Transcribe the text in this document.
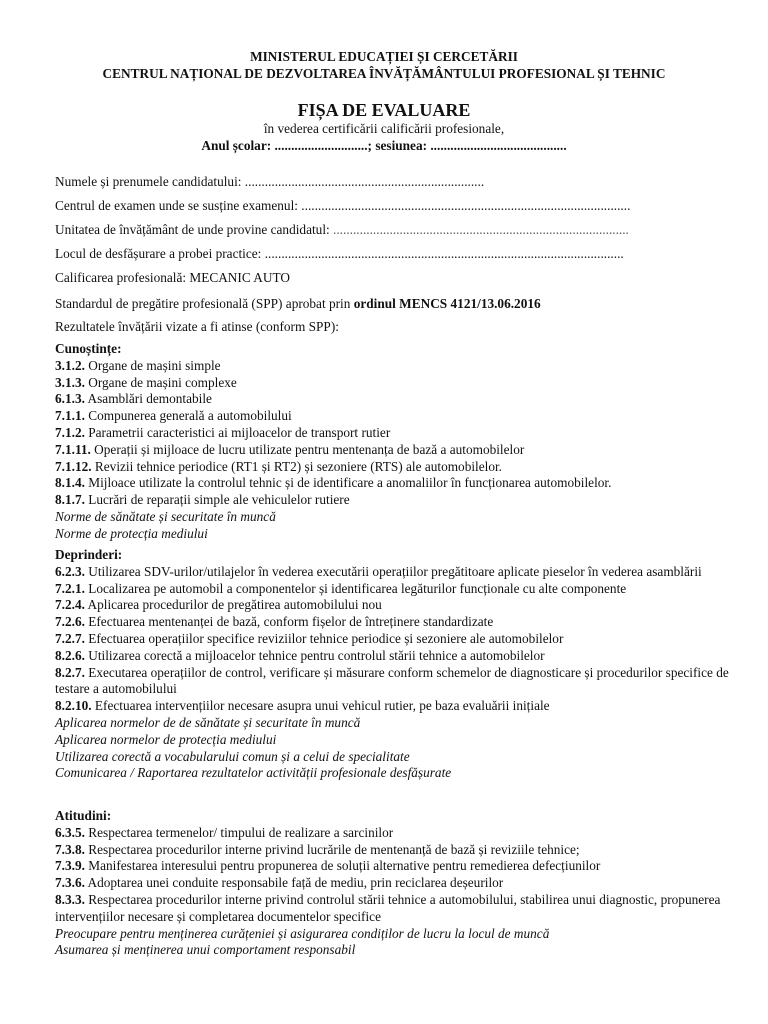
MINISTERUL EDUCAȚIEI ȘI CERCETĂRII
CENTRUL NAȚIONAL DE DEZVOLTAREA ÎNVĂȚĂMÂNTULUI PROFESIONAL ȘI TEHNIC
FIȘA DE EVALUARE
în vederea certificării calificării profesionale,
Anul școlar: ............................; sesiunea: .........................................
Numele și prenumele candidatului: ........................................................................
Centrul de examen unde se susține examenul: ...................................................................................................
Unitatea de învățământ de unde provine candidatul: .........................................................................................
Locul de desfășurare a probei practice: ............................................................................................................
Calificarea profesională: MECANIC AUTO
Standardul de pregătire profesională (SPP) aprobat prin ordinul MENCS 4121/13.06.2016
Rezultatele învățării vizate a fi atinse (conform SPP):
Cunoștințe:
3.1.2. Organe de mașini simple
3.1.3. Organe de mașini complexe
6.1.3. Asamblări demontabile
7.1.1. Compunerea generală a automobilului
7.1.2. Parametrii caracteristici ai mijloacelor de transport rutier
7.1.11. Operații și mijloace de lucru utilizate pentru mentenanța de bază a automobilelor
7.1.12. Revizii tehnice periodice (RT1 și RT2) și sezoniere (RTS) ale automobilelor.
8.1.4. Mijloace utilizate la controlul tehnic și de identificare a anomaliilor în funcționarea automobilelor.
8.1.7. Lucrări de reparații simple ale vehiculelor rutiere
Norme de sănătate și securitate în muncă
Norme de protecția mediului
Deprinderi:
6.2.3. Utilizarea SDV-urilor/utilajelor în vederea executării operațiilor pregătitoare aplicate pieselor în vederea asamblării
7.2.1. Localizarea pe automobil a componentelor și identificarea legăturilor funcționale cu alte componente
7.2.4. Aplicarea procedurilor de pregătirea automobilului nou
7.2.6. Efectuarea mentenanței de bază, conform fișelor de întreținere standardizate
7.2.7. Efectuarea operațiilor specifice reviziilor tehnice periodice și sezoniere ale automobilelor
8.2.6. Utilizarea corectă a mijloacelor tehnice pentru controlul stării tehnice a automobilelor
8.2.7. Executarea operațiilor de control, verificare și măsurare conform schemelor de diagnosticare și procedurilor specifice de testare a automobilului
8.2.10. Efectuarea intervențiilor necesare asupra unui vehicul rutier, pe baza evaluării inițiale
Aplicarea normelor de de sănătate și securitate în muncă
Aplicarea normelor de protecția mediului
Utilizarea corectă a vocabularului comun și a celui de specialitate
Comunicarea / Raportarea rezultatelor activității profesionale desfășurate
Atitudini:
6.3.5. Respectarea termenelor/ timpului de realizare a sarcinilor
7.3.8. Respectarea procedurilor interne privind lucrările de mentenanță de bază și reviziile tehnice;
7.3.9. Manifestarea interesului pentru propunerea de soluții alternative pentru remedierea defecțiunilor
7.3.6. Adoptarea unei conduite responsabile față de mediu, prin reciclarea deșeurilor
8.3.3. Respectarea procedurilor interne privind controlul stării tehnice a automobilului, stabilirea unui diagnostic, propunerea intervențiilor necesare și completarea documentelor specifice
Preocupare pentru menținerea curățeniei și asigurarea condiților de lucru la locul de muncă
Asumarea și menținerea unui comportament responsabil
